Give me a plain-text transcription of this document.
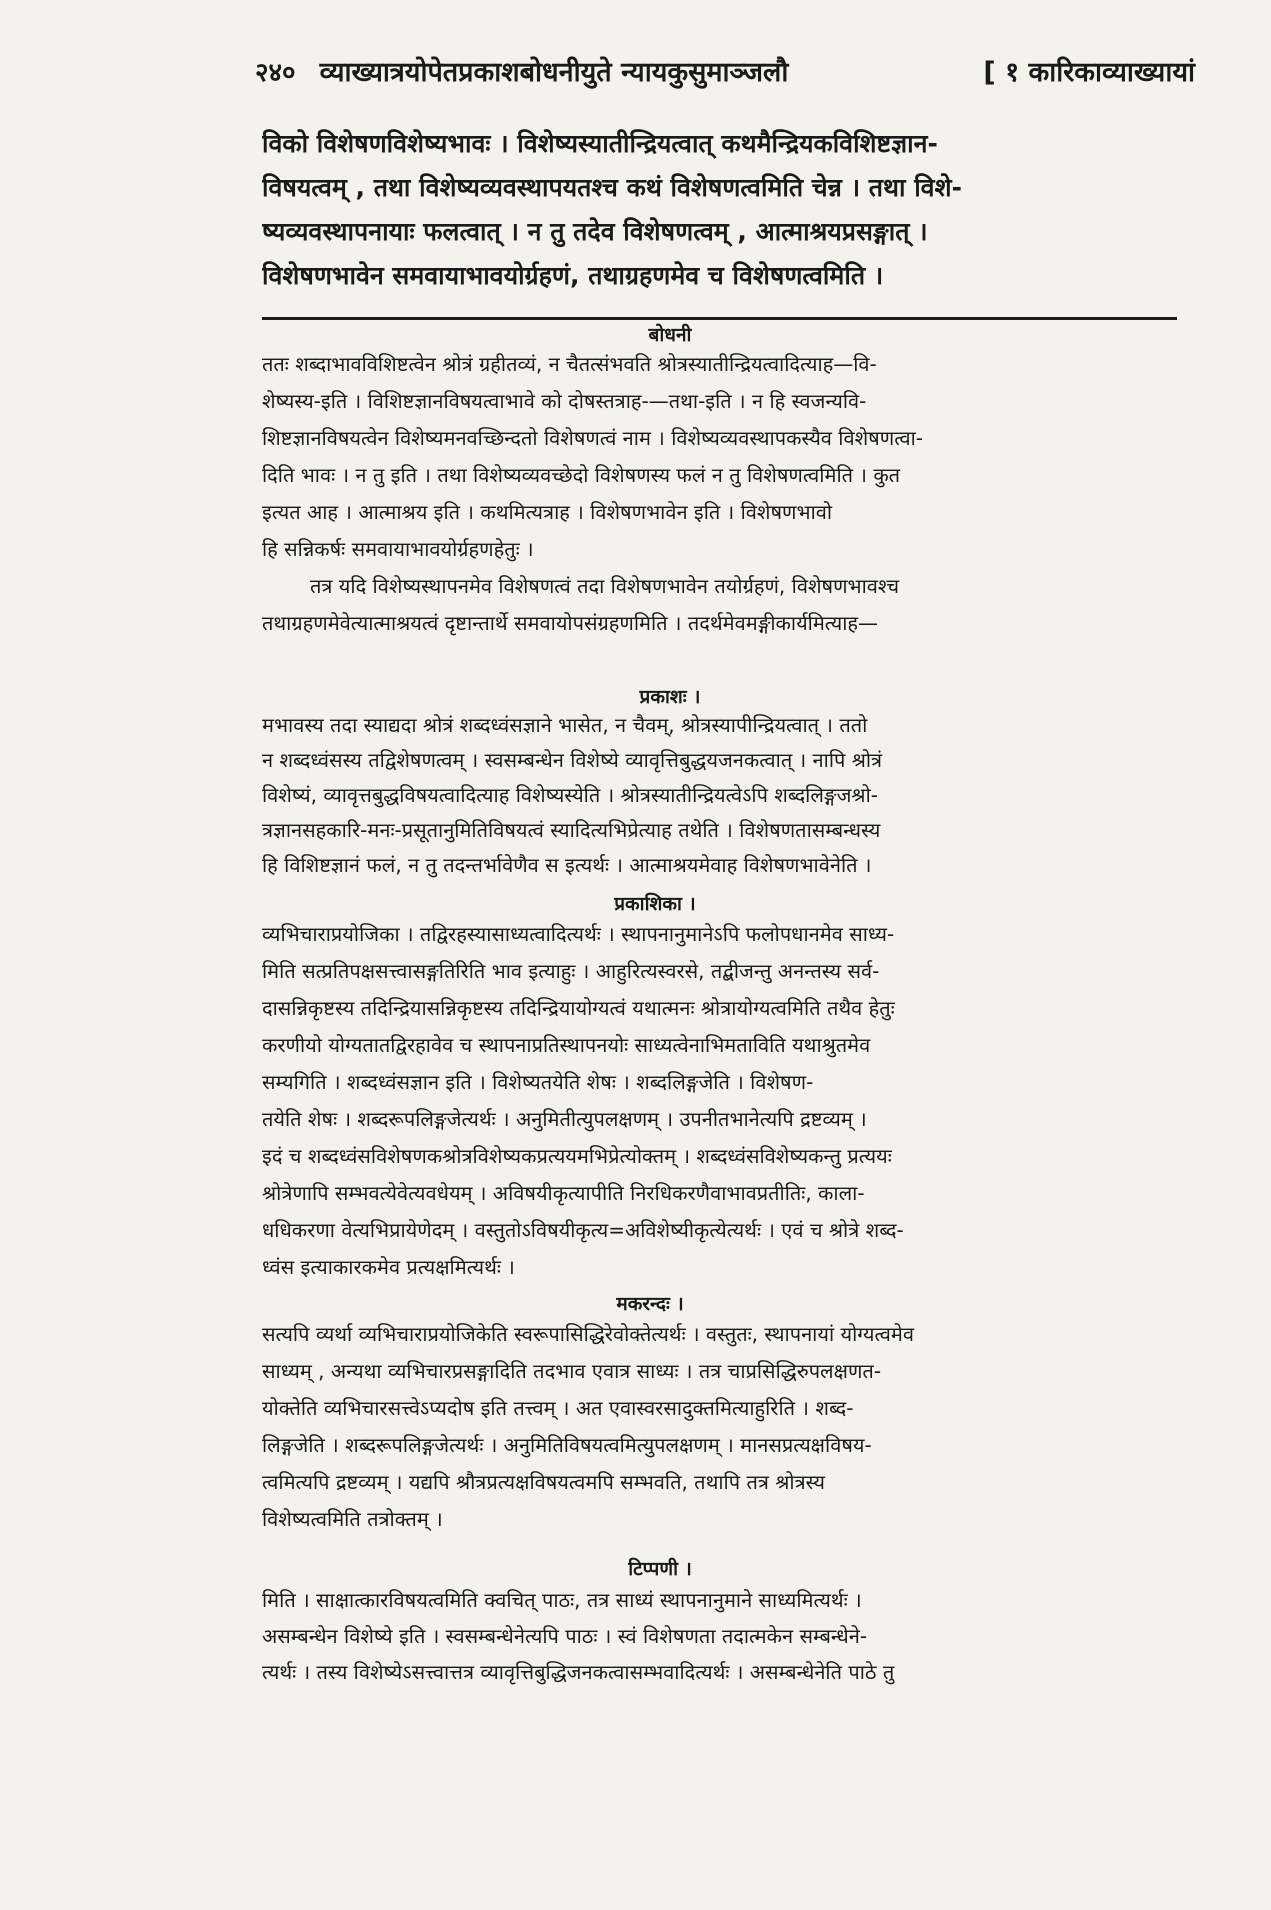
२४० व्याख्यात्रयोपेतप्रकाशबोधनीयुते न्यायकुसुमाञ्जलौ	[ १ कारिकाव्याख्यायां
विको विशेषणविशेष्यभावः । विशेष्यस्यातीन्द्रियत्वात् कथमैन्द्रियकविशिष्टज्ञान-
विषयत्वम् , तथा विशेष्यव्यवस्थापयतश्च कथं विशेषणत्वमिति चेन्न । तथा विशे-
ष्यव्यवस्थापनायाः फलत्वात् । न तु तदेव विशेषणत्वम् , आत्माश्रयप्रसङ्गात् ।
विशेषणभावेन समवायाभावयोर्ग्रहणं, तथाग्रहणमेव च विशेषणत्वमिति ।
बोधनी
ततः शब्दाभावविशिष्टत्वेन श्रोत्रं ग्रहीतव्यं, न चैतत्संभवति श्रोत्रस्यातीन्द्रियत्वादित्याह—वि-
शेष्यस्य-इति । विशिष्टज्ञानविषयत्वाभावे को दोषस्तत्राह-—तथा-इति । न हि स्वजन्यवि-
शिष्टज्ञानविषयत्वेन विशेष्यमनवच्छिन्दतो विशेषणत्वं नाम । विशेष्यव्यवस्थापकस्यैव विशेषणत्वा-
दिति भावः । न तु इति । तथा विशेष्यव्यवच्छेदो विशेषणस्य फलं न तु विशेषणत्वमिति । कुत
इत्यत आह । आत्माश्रय इति । कथमित्यत्राह । विशेषणभावेन इति । विशेषणभावो
हि सन्निकर्षः समवायाभावयोर्ग्रहणहेतुः ।
तत्र यदि विशेष्यस्थापनमेव विशेषणत्वं तदा विशेषणभावेन तयोर्ग्रहणं, विशेषणभावश्च
तथाग्रहणमेवेत्यात्माश्रयत्वं दृष्टान्तार्थे समवायोपसंग्रहणमिति । तदर्थमेवमङ्गीकार्यमित्याह—
प्रकाशः ।
मभावस्य तदा स्याद्यदा श्रोत्रं शब्दध्वंसज्ञाने भासेत, न चैवम्, श्रोत्रस्यापीन्द्रियत्वात् । ततो
न शब्दध्वंसस्य तद्विशेषणत्वम् । स्वसम्बन्धेन विशेष्ये व्यावृत्तिबुद्धयजनकत्वात् । नापि श्रोत्रं
विशेष्यं, व्यावृत्तबुद्धविषयत्वादित्याह विशेष्यस्येति । श्रोत्रस्यातीन्द्रियत्वेऽपि शब्दलिङ्गजश्रो-
त्रज्ञानसहकारि-मनः-प्रसूतानुमितिविषयत्वं स्यादित्यभिप्रेत्याह तथेति । विशेषणतासम्बन्धस्य
हि विशिष्टज्ञानं फलं, न तु तदन्तर्भावेणैव स इत्यर्थः । आत्माश्रयमेवाह विशेषणभावेनेति ।
प्रकाशिका ।
व्यभिचाराप्रयोजिका । तद्विरहस्यासाध्यत्वादित्यर्थः । स्थापनानुमानेऽपि फलोपधानमेव साध्य-
मिति सत्प्रतिपक्षसत्त्वासङ्गतिरिति भाव इत्याहुः । आहुरित्यस्वरसे, तद्बीजन्तु अनन्तस्य सर्व-
दासन्निकृष्टस्य तदिन्द्रियासन्निकृष्टस्य तदिन्द्रियायोग्यत्वं यथात्मनः श्रोत्रायोग्यत्वमिति तथैव हेतुः
करणीयो योग्यतातद्विरहावेव च स्थापनाप्रतिस्थापनयोः साध्यत्वेनाभिमताविति यथाश्रुतमेव
सम्यगिति । शब्दध्वंसज्ञान इति । विशेष्यतयेति शेषः । शब्दलिङ्गजेति । विशेषण-
तयेति शेषः । शब्दरूपलिङ्गजेत्यर्थः । अनुमितीत्युपलक्षणम् । उपनीतभानेत्यपि द्रष्टव्यम् ।
इदं च शब्दध्वंसविशेषणकश्रोत्रविशेष्यकप्रत्ययमभिप्रेत्योक्तम् । शब्दध्वंसविशेष्यकन्तु प्रत्ययः
श्रोत्रेणापि सम्भवत्येवेत्यवधेयम् । अविषयीकृत्यापीति निरधिकरणैवाभावप्रतीतिः, काला-
धधिकरणा वेत्यभिप्रायेणेदम् । वस्तुतोऽविषयीकृत्य=अविशेष्यीकृत्येत्यर्थः । एवं च श्रोत्रे शब्द-
ध्वंस इत्याकारकमेव प्रत्यक्षमित्यर्थः ।
मकरन्दः ।
सत्यपि व्यर्था व्यभिचाराप्रयोजिकेति स्वरूपासिद्धिरेवोक्तेत्यर्थः । वस्तुतः, स्थापनायां योग्यत्वमेव
साध्यम् , अन्यथा व्यभिचारप्रसङ्गादिति तदभाव एवात्र साध्यः । तत्र चाप्रसिद्धिरुपलक्षणत-
योक्तेति व्यभिचारसत्त्वेऽप्यदोष इति तत्त्वम् । अत एवास्वरसादुक्तमित्याहुरिति । शब्द-
लिङ्गजेति । शब्दरूपलिङ्गजेत्यर्थः । अनुमितिविषयत्वमित्युपलक्षणम् । मानसप्रत्यक्षविषय-
त्वमित्यपि द्रष्टव्यम् । यद्यपि श्रौत्रप्रत्यक्षविषयत्वमपि सम्भवति, तथापि तत्र श्रोत्रस्य
विशेष्यत्वमिति तत्रोक्तम् ।
टिप्पणी ।
मिति । साक्षात्कारविषयत्वमिति क्वचित् पाठः, तत्र साध्यं स्थापनानुमाने साध्यमित्यर्थः ।
असम्बन्धेन विशेष्ये इति । स्वसम्बन्धेनेत्यपि पाठः । स्वं विशेषणता तदात्मकेन सम्बन्धेने-
त्यर्थः । तस्य विशेष्येऽसत्त्वात्तत्र व्यावृत्तिबुद्धिजनकत्वासम्भवादित्यर्थः । असम्बन्धेनेति पाठे तु
